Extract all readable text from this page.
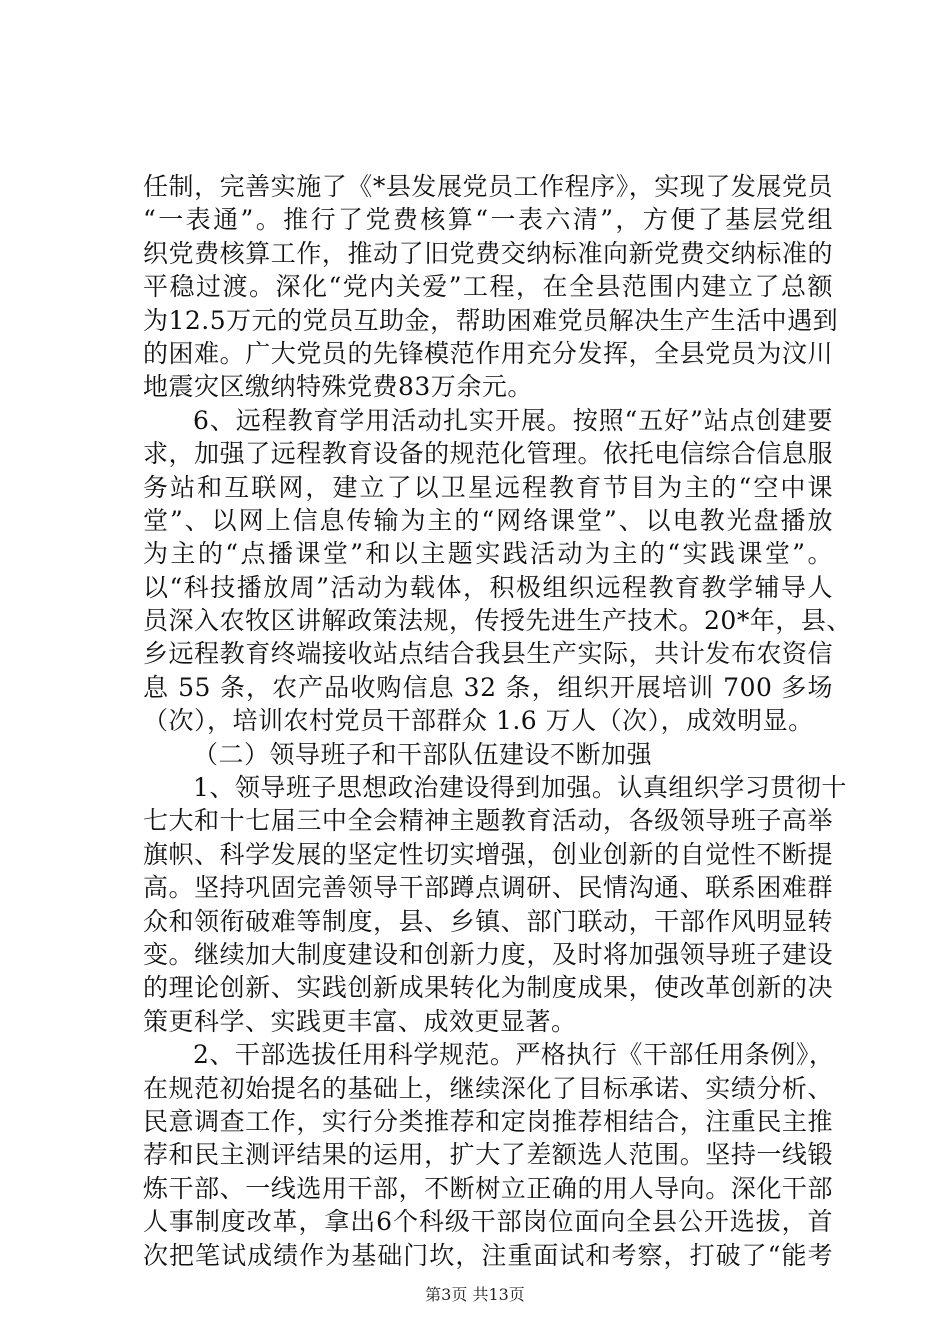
任制，完善实施了《*县发展党员工作程序》，实现了发展党员
“一表通”。推行了党费核算“一表六清”，方便了基层党组
织党费核算工作，推动了旧党费交纳标准向新党费交纳标准的
平稳过渡。深化“党内关爱”工程，在全县范围内建立了总额
为12.5万元的党员互助金，帮助困难党员解决生产生活中遇到
的困难。广大党员的先锋模范作用充分发挥，全县党员为汶川
地震灾区缴纳特殊党费83万余元。
6、远程教育学用活动扎实开展。按照“五好”站点创建要
求，加强了远程教育设备的规范化管理。依托电信综合信息服
务站和互联网，建立了以卫星远程教育节目为主的“空中课
堂”、以网上信息传输为主的“网络课堂”、以电教光盘播放
为主的“点播课堂”和以主题实践活动为主的“实践课堂”。
以“科技播放周”活动为载体，积极组织远程教育教学辅导人
员深入农牧区讲解政策法规，传授先进生产技术。20*年，县、
乡远程教育终端接收站点结合我县生产实际，共计发布农资信
息 55 条，农产品收购信息 32 条，组织开展培训 700 多场
（次），培训农村党员干部群众 1.6 万人（次），成效明显。
（二）领导班子和干部队伍建设不断加强
1、领导班子思想政治建设得到加强。认真组织学习贯彻十
七大和十七届三中全会精神主题教育活动，各级领导班子高举
旗帜、科学发展的坚定性切实增强，创业创新的自觉性不断提
高。坚持巩固完善领导干部蹲点调研、民情沟通、联系困难群
众和领衔破难等制度，县、乡镇、部门联动，干部作风明显转
变。继续加大制度建设和创新力度，及时将加强领导班子建设
的理论创新、实践创新成果转化为制度成果，使改革创新的决
策更科学、实践更丰富、成效更显著。
2、干部选拔任用科学规范。严格执行《干部任用条例》，
在规范初始提名的基础上，继续深化了目标承诺、实绩分析、
民意调查工作，实行分类推荐和定岗推荐相结合，注重民主推
荐和民主测评结果的运用，扩大了差额选人范围。坚持一线锻
炼干部、一线选用干部，不断树立正确的用人导向。深化干部
人事制度改革，拿出6个科级干部岗位面向全县公开选拔，首
次把笔试成绩作为基础门坎，注重面试和考察，打破了“能考
第3页 共13页
